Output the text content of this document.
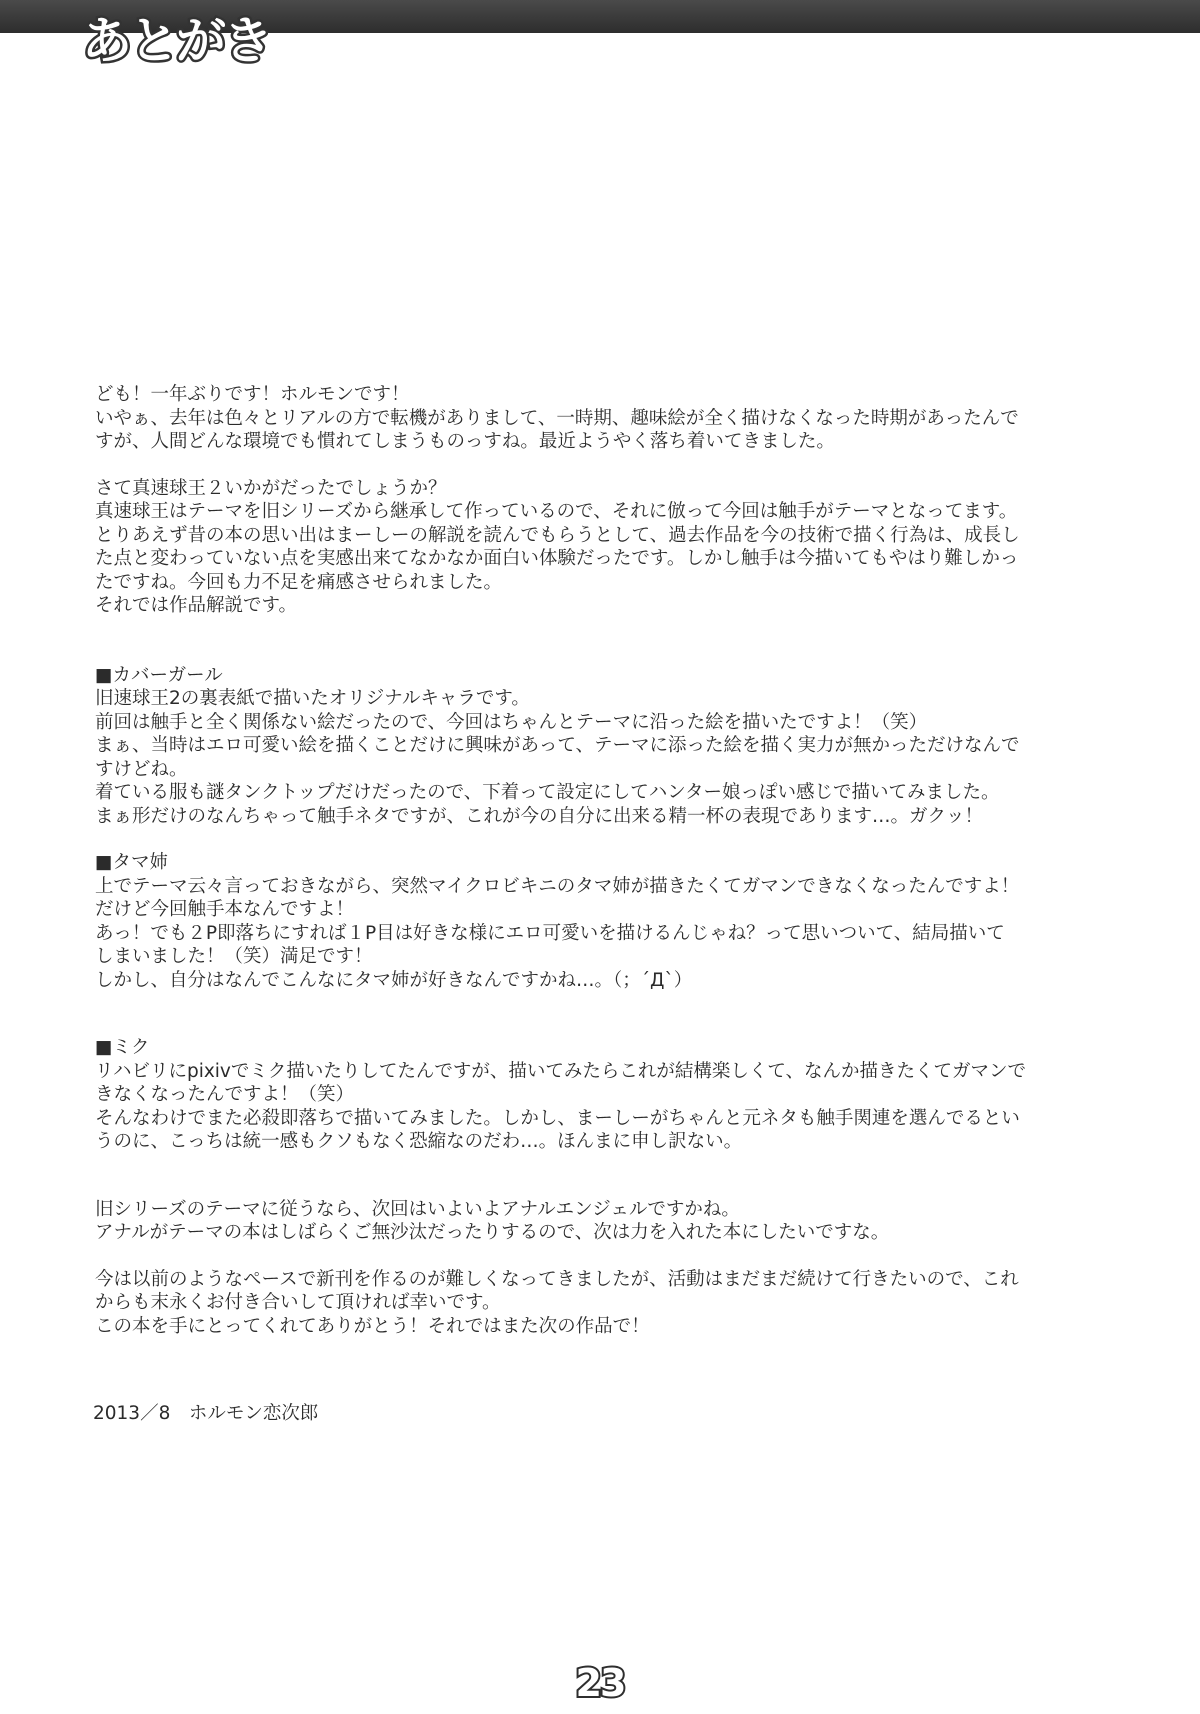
あとがき

ども！一年ぶりです！ホルモンです！
いやぁ、去年は色々とリアルの方で転機がありまして、一時期、趣味絵が全く描けなくなった時期があったんで
すが、人間どんな環境でも慣れてしまうものっすね。最近ようやく落ち着いてきました。

さて真速球王２いかがだったでしょうか？
真速球王はテーマを旧シリーズから継承して作っているので、それに倣って今回は触手がテーマとなってます。
とりあえず昔の本の思い出はまーしーの解説を読んでもらうとして、過去作品を今の技術で描く行為は、成長し
た点と変わっていない点を実感出来てなかなか面白い体験だったです。しかし触手は今描いてもやはり難しかっ
たですね。今回も力不足を痛感させられました。
それでは作品解説です。

■カバーガール

旧速球王2の裏表紙で描いたオリジナルキャラです。
前回は触手と全く関係ない絵だったので、今回はちゃんとテーマに沿った絵を描いたですよ！（笑）
まぁ、当時はエロ可愛い絵を描くことだけに興味があって、テーマに添った絵を描く実力が無かっただけなんで
すけどね。
着ている服も謎タンクトップだけだったので、下着って設定にしてハンター娘っぽい感じで描いてみました。
まぁ形だけのなんちゃって触手ネタですが、これが今の自分に出来る精一杯の表現であります…。ガクッ！

■タマ姉

上でテーマ云々言っておきながら、突然マイクロビキニのタマ姉が描きたくてガマンできなくなったんですよ！
だけど今回触手本なんですよ！
あっ！でも２P即落ちにすれば１P目は好きな様にエロ可愛いを描けるんじゃね？って思いついて、結局描いて
しまいました！（笑）満足です！
しかし、自分はなんでこんなにタマ姉が好きなんですかね…。（；´Д`）

■ミク

リハビリにpixivでミク描いたりしてたんですが、描いてみたらこれが結構楽しくて、なんか描きたくてガマンで
きなくなったんですよ！（笑）
そんなわけでまた必殺即落ちで描いてみました。しかし、まーしーがちゃんと元ネタも触手関連を選んでるとい
うのに、こっちは統一感もクソもなく恐縮なのだわ…。ほんまに申し訳ない。

旧シリーズのテーマに従うなら、次回はいよいよアナルエンジェルですかね。
アナルがテーマの本はしばらくご無沙汰だったりするので、次は力を入れた本にしたいですな。

今は以前のようなペースで新刊を作るのが難しくなってきましたが、活動はまだまだ続けて行きたいので、これ
からも末永くお付き合いして頂ければ幸いです。
この本を手にとってくれてありがとう！それではまた次の作品で！

2013／8　ホルモン恋次郎
23
